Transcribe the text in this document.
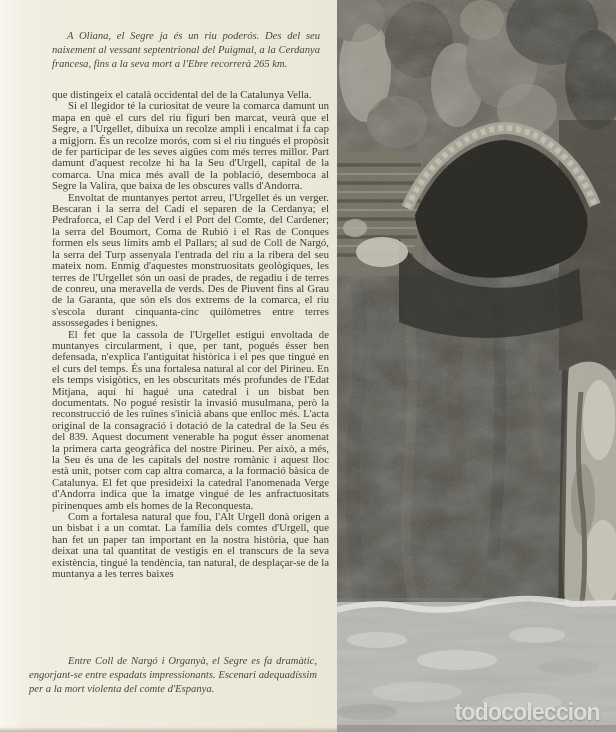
A Oliana, el Segre ja és un riu poderós. Des del seu naixement al vessant septentrional del Puigmal, a la Cerdanya francesa, fins a la seva mort a l'Ebre recorrerà 265 km.

que distingeix el català occidental del de la Catalunya Vella.

Si el llegidor té la curiositat de veure la comarca damunt un mapa en què el curs del riu figuri ben marcat, veurà que el Segre, a l'Urgellet, dibuixa un recolze ampli i encalmat i fa cap a migjorn. És un recolze morós, com si el riu tingués el propòsit de fer participar de les seves aigües com més terres millor. Part damunt d'aquest recolze hi ha la Seu d'Urgell, capital de la comarca. Una mica més avall de la població, desemboca al Segre la Valira, que baixa de les obscures valls d'Andorra.

Envoltat de muntanyes pertot arreu, l'Urgellet és un verger. Bescaran i la serra del Cadí el separen de la Cerdanya; el Pedraforca, el Cap del Verd i el Port del Comte, del Cardener; la serra del Boumort, Coma de Rubió i el Ras de Conques formen els seus límits amb el Pallars; al sud de Coll de Nargó, la serra del Turp assenyala l'entrada del riu a la ribera del seu mateix nom. Enmig d'aquestes monstruositats geològiques, les terres de l'Urgellet són un oasi de prades, de regadiu i de terres de conreu, una meravella de verds. Des de Piuvent fins al Grau de la Garanta, que són els dos extrems de la comarca, el riu s'escola durant cinquanta-cinc quilòmetres entre terres assossegades i benignes.

El fet que la cassola de l'Urgellet estigui envoltada de muntanyes circularment, i que, per tant, pogués ésser ben defensada, n'explica l'antiguitat històrica i el pes que tingué en el curs del temps. És una fortalesa natural al cor del Pirineu. En els temps visigòtics, en les obscuritats més profundes de l'Edat Mitjana, aquí hi hagué una catedral i un bisbat ben documentats. No pogué resistir la invasió musulmana, però la reconstrucció de les ruïnes s'inicià abans que enlloc més. L'acta original de la consagració i dotació de la catedral de la Seu és del 839. Aquest document venerable ha pogut ésser anomenat la primera carta geogràfica del nostre Pirineu. Per això, a més, la Seu és una de les capitals del nostre romànic i aquest lloc està unit, potser com cap altra comarca, a la formació bàsica de Catalunya. El fet que presideixi la catedral l'anomenada Verge d'Andorra indica que la imatge vingué de les anfractuositats pirinenques amb els homes de la Reconquesta.

Com a fortalesa natural que fou, l'Alt Urgell donà origen a un bisbat i a un comtat. La família dels comtes d'Urgell, que han fet un paper tan important en la nostra història, que han deixat una tal quantitat de vestigis en el transcurs de la seva existència, tingué la tendència, tan natural, de desplaçar-se de la muntanya a les terres baixes

todocoleccion

Entre Coll de Nargó i Organyà, el Segre es fa dramàtic, engorjant-se entre espadats impressionants. Escenari adequadíssim per a la mort violenta del comte d'Espanya.
